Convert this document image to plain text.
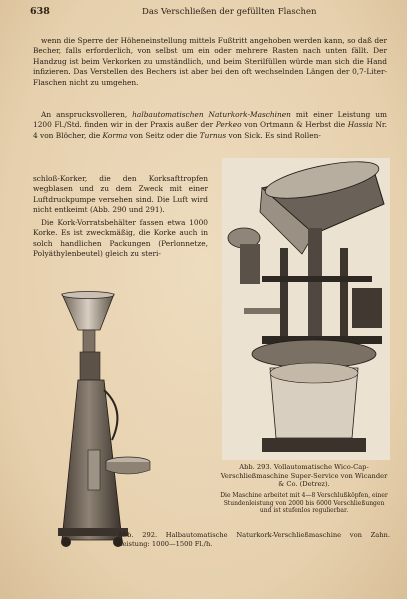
638	Das Verschließen der gefüllten Flaschen

wenn die Sperre der Höheneinstellung mittels Fußtritt angehoben werden kann, so daß der Becher, falls erforderlich, von selbst um ein oder mehrere Rasten nach unten fällt. Der Handzug ist beim Verkorken zu umständlich, und beim Sterilfüllen würde man sich die Hand infizieren. Das Verstellen des Bechers ist aber bei den oft wechselnden Längen der 0,7-Liter-Flaschen nicht zu umgehen.

An ansprucksvolleren, halbautomatischen Naturkork-Maschinen mit einer Leistung um 1200 Fl./Std. finden wir in der Praxis außer der Perkeo von Ortmann & Herbst die Hassia Nr. 4 von Blöcher, die Korma von Seitz oder die Turnus von Sick. Es sind Rollen-

schloß-Korker, die den Korksafttropfen wegblasen und zu dem Zweck mit einer Luftdruckpumpe versehen sind. Die Luft wird nicht entkeimt (Abb. 290 und 291).

Die Kork-Vorratsbehälter fassen etwa 1000 Korke. Es ist zweckmäßig, die Korke auch in solch handlichen Packungen (Perlonnetze, Polyäthylenbeutel) gleich zu steri-

Abb. 293. Vollautomatische Wico-Cap-Verschließmaschine Super-Service von Wicander & Co. (Detrez).
Die Maschine arbeitet mit 4—8 Verschlußköpfen, einer Stundenleistung von 2000 bis 6000 Verschließungen und ist stufenlos regulierbar.

Abb. 292. Halbautomatische Naturkork-Verschließmaschine von Zahn. Leistung: 1000—1500 Fl./h.
